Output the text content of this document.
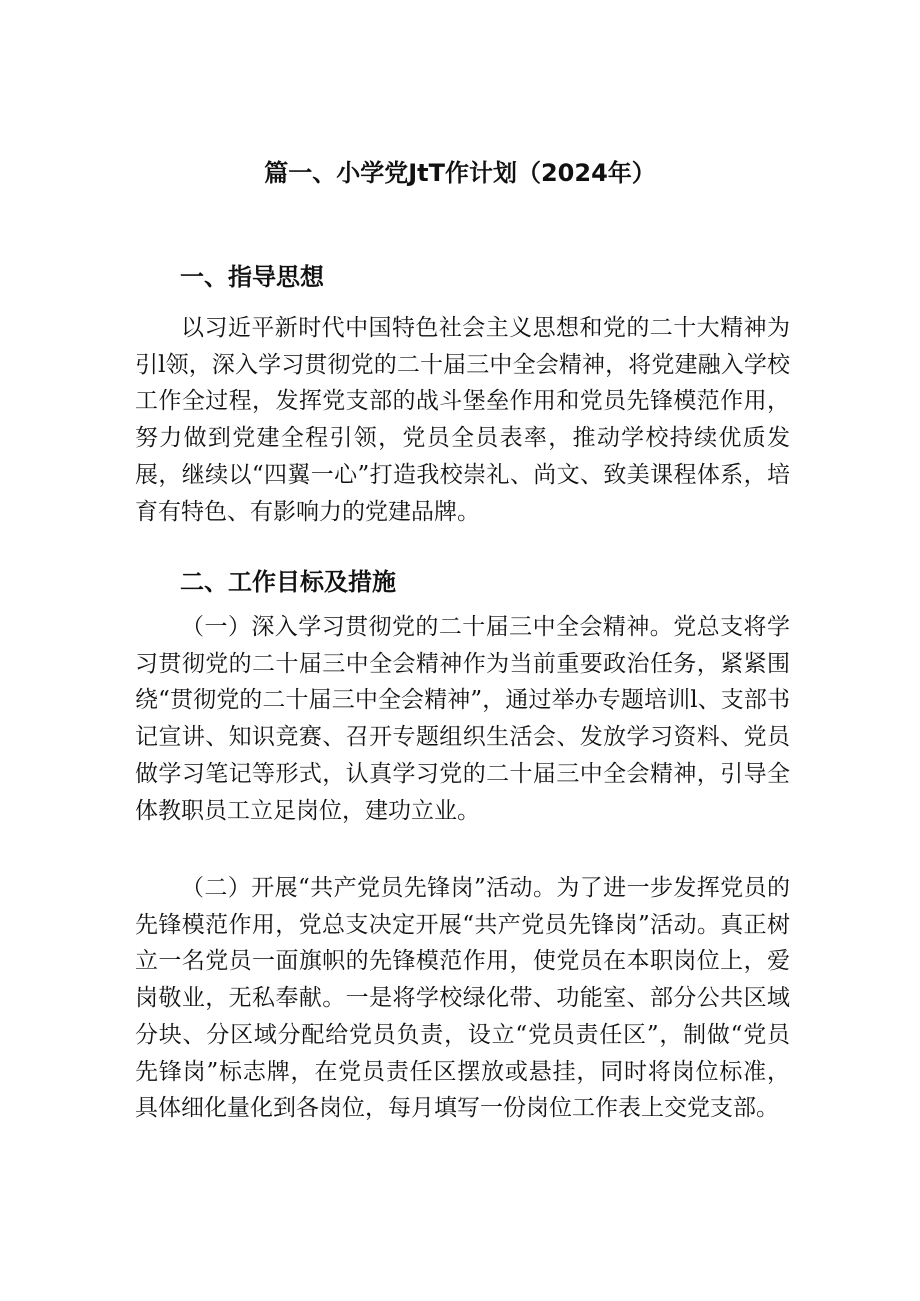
篇一、小学党JtT作计划（2024年）
一、指导思想

以习近平新时代中国特色社会主义思想和党的二十大精神为引l领，深入学习贯彻党的二十届三中全会精神，将党建融入学校工作全过程，发挥党支部的战斗堡垒作用和党员先锋模范作用，努力做到党建全程引领，党员全员表率，推动学校持续优质发展，继续以“四翼一心”打造我校崇礼、尚文、致美课程体系，培育有特色、有影响力的党建品牌。

二、工作目标及措施

（一）深入学习贯彻党的二十届三中全会精神。党总支将学习贯彻党的二十届三中全会精神作为当前重要政治任务，紧紧围绕“贯彻党的二十届三中全会精神”，通过举办专题培训l、支部书记宣讲、知识竞赛、召开专题组织生活会、发放学习资料、党员做学习笔记等形式，认真学习党的二十届三中全会精神，引导全体教职员工立足岗位，建功立业。

（二）开展“共产党员先锋岗”活动。为了进一步发挥党员的先锋模范作用，党总支决定开展“共产党员先锋岗”活动。真正树立一名党员一面旗帜的先锋模范作用，使党员在本职岗位上，爱岗敬业，无私奉献。一是将学校绿化带、功能室、部分公共区域分块、分区域分配给党员负责，设立“党员责任区”，制做“党员先锋岗”标志牌，在党员责任区摆放或悬挂，同时将岗位标准，具体细化量化到各岗位，每月填写一份岗位工作表上交党支部。
